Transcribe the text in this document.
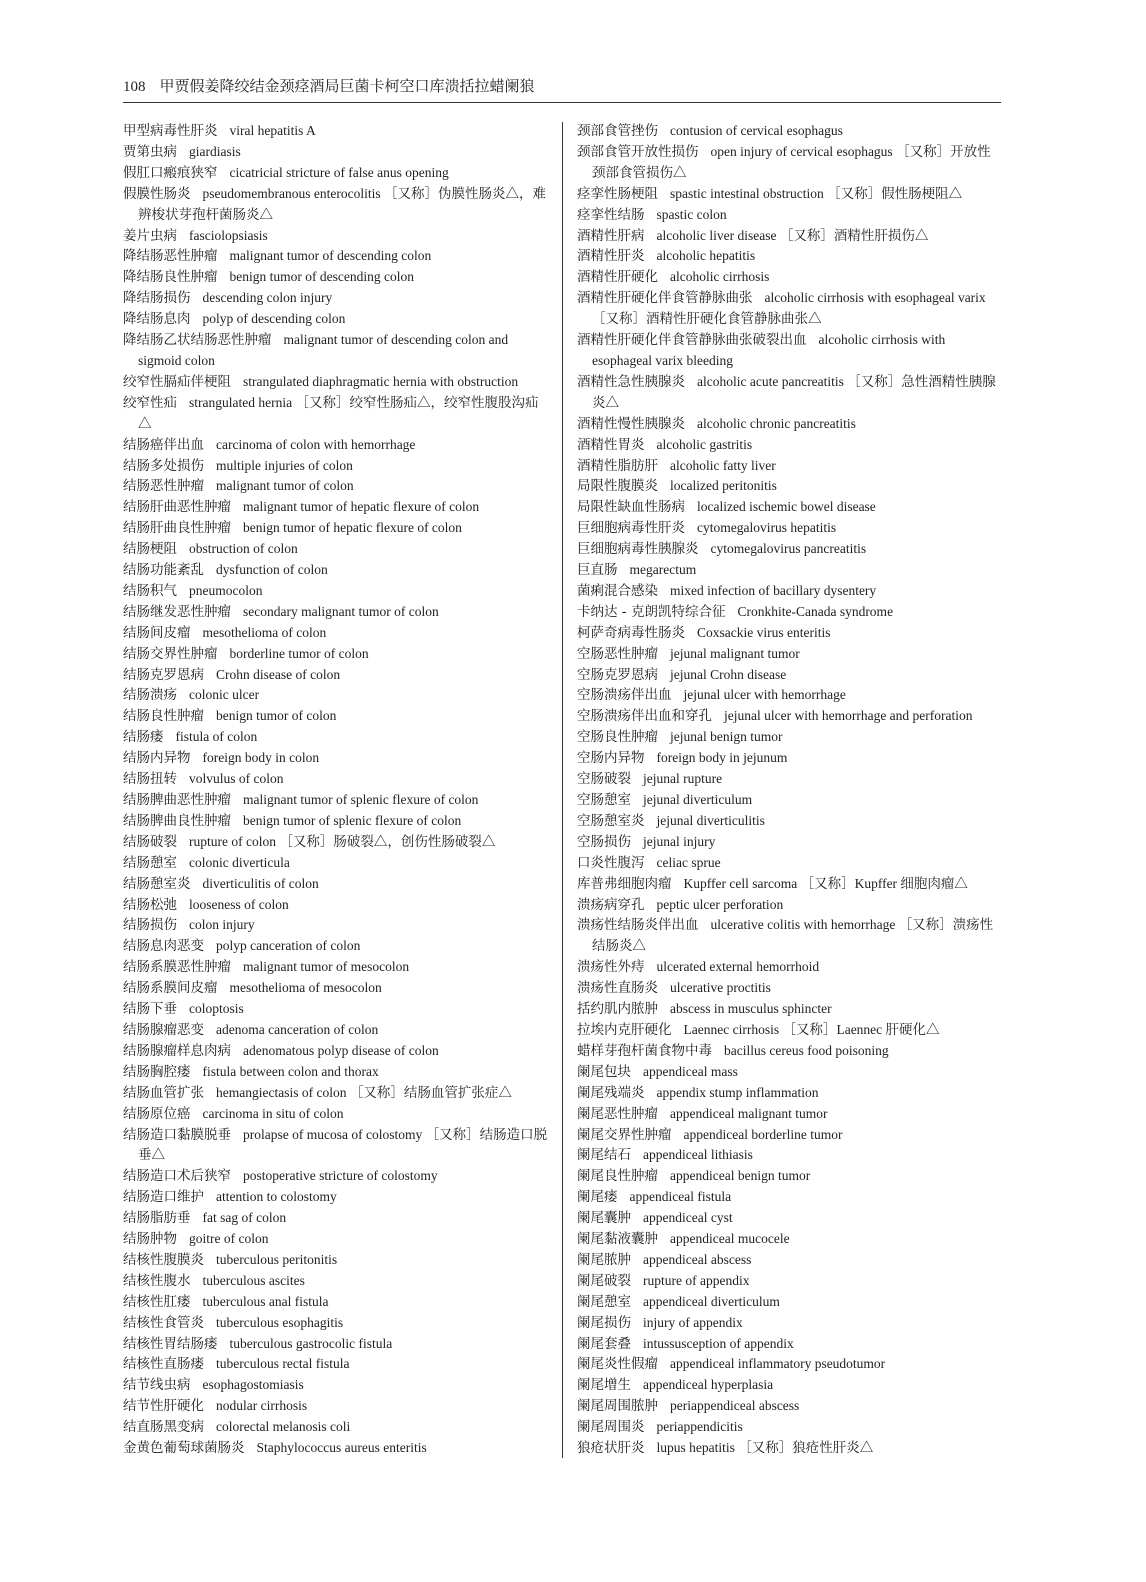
108 甲贾假姜降绞结金颈痉酒局巨菌卡柯空口库溃括拉蜡阑狼
甲型病毒性肝炎 viral hepatitis A
贾第虫病 giardiasis
假肛口瘢痕狭窄 cicatricial stricture of false anus opening
假膜性肠炎 pseudomembranous enterocolitis ［又称］伪膜性肠炎△，难辨梭状芽孢杆菌肠炎△
姜片虫病 fasciolopsiasis
降结肠恶性肿瘤 malignant tumor of descending colon
降结肠良性肿瘤 benign tumor of descending colon
降结肠损伤 descending colon injury
降结肠息肉 polyp of descending colon
降结肠乙状结肠恶性肿瘤 malignant tumor of descending colon and sigmoid colon
绞窄性膈疝伴梗阻 strangulated diaphragmatic hernia with obstruction
绞窄性疝 strangulated hernia ［又称］绞窄性肠疝△，绞窄性腹股沟疝△
结肠癌伴出血 carcinoma of colon with hemorrhage
结肠多处损伤 multiple injuries of colon
结肠恶性肿瘤 malignant tumor of colon
结肠肝曲恶性肿瘤 malignant tumor of hepatic flexure of colon
结肠肝曲良性肿瘤 benign tumor of hepatic flexure of colon
结肠梗阻 obstruction of colon
结肠功能紊乱 dysfunction of colon
结肠积气 pneumocolon
结肠继发恶性肿瘤 secondary malignant tumor of colon
结肠间皮瘤 mesothelioma of colon
结肠交界性肿瘤 borderline tumor of colon
结肠克罗恩病 Crohn disease of colon
结肠溃疡 colonic ulcer
结肠良性肿瘤 benign tumor of colon
结肠瘘 fistula of colon
结肠内异物 foreign body in colon
结肠扭转 volvulus of colon
结肠脾曲恶性肿瘤 malignant tumor of splenic flexure of colon
结肠脾曲良性肿瘤 benign tumor of splenic flexure of colon
结肠破裂 rupture of colon ［又称］肠破裂△，创伤性肠破裂△
结肠憩室 colonic diverticula
结肠憩室炎 diverticulitis of colon
结肠松弛 looseness of colon
结肠损伤 colon injury
结肠息肉恶变 polyp canceration of colon
结肠系膜恶性肿瘤 malignant tumor of mesocolon
结肠系膜间皮瘤 mesothelioma of mesocolon
结肠下垂 coloptosis
结肠腺瘤恶变 adenoma canceration of colon
结肠腺瘤样息肉病 adenomatous polyp disease of colon
结肠胸腔瘘 fistula between colon and thorax
结肠血管扩张 hemangiectasis of colon ［又称］结肠血管扩张症△
结肠原位癌 carcinoma in situ of colon
结肠造口黏膜脱垂 prolapse of mucosa of colostomy ［又称］结肠造口脱垂△
结肠造口术后狭窄 postoperative stricture of colostomy
结肠造口维护 attention to colostomy
结肠脂肪垂 fat sag of colon
结肠肿物 goitre of colon
结核性腹膜炎 tuberculous peritonitis
结核性腹水 tuberculous ascites
结核性肛瘘 tuberculous anal fistula
结核性食管炎 tuberculous esophagitis
结核性胃结肠瘘 tuberculous gastrocolic fistula
结核性直肠瘘 tuberculous rectal fistula
结节线虫病 esophagostomiasis
结节性肝硬化 nodular cirrhosis
结直肠黑变病 colorectal melanosis coli
金黄色葡萄球菌肠炎 Staphylococcus aureus enteritis
颈部食管挫伤 contusion of cervical esophagus
颈部食管开放性损伤 open injury of cervical esophagus ［又称］开放性颈部食管损伤△
痉挛性肠梗阻 spastic intestinal obstruction ［又称］假性肠梗阻△
痉挛性结肠 spastic colon
酒精性肝病 alcoholic liver disease ［又称］酒精性肝损伤△
酒精性肝炎 alcoholic hepatitis
酒精性肝硬化 alcoholic cirrhosis
酒精性肝硬化伴食管静脉曲张 alcoholic cirrhosis with esophageal varix ［又称］酒精性肝硬化食管静脉曲张△
酒精性肝硬化伴食管静脉曲张破裂出血 alcoholic cirrhosis with esophageal varix bleeding
酒精性急性胰腺炎 alcoholic acute pancreatitis ［又称］急性酒精性胰腺炎△
酒精性慢性胰腺炎 alcoholic chronic pancreatitis
酒精性胃炎 alcoholic gastritis
酒精性脂肪肝 alcoholic fatty liver
局限性腹膜炎 localized peritonitis
局限性缺血性肠病 localized ischemic bowel disease
巨细胞病毒性肝炎 cytomegalovirus hepatitis
巨细胞病毒性胰腺炎 cytomegalovirus pancreatitis
巨直肠 megarectum
菌痢混合感染 mixed infection of bacillary dysentery
卡纳达 - 克朗凯特综合征 Cronkhite-Canada syndrome
柯萨奇病毒性肠炎 Coxsackie virus enteritis
空肠恶性肿瘤 jejunal malignant tumor
空肠克罗恩病 jejunal Crohn disease
空肠溃疡伴出血 jejunal ulcer with hemorrhage
空肠溃疡伴出血和穿孔 jejunal ulcer with hemorrhage and perforation
空肠良性肿瘤 jejunal benign tumor
空肠内异物 foreign body in jejunum
空肠破裂 jejunal rupture
空肠憩室 jejunal diverticulum
空肠憩室炎 jejunal diverticulitis
空肠损伤 jejunal injury
口炎性腹泻 celiac sprue
库普弗细胞肉瘤 Kupffer cell sarcoma ［又称］Kupffer 细胞肉瘤△
溃疡病穿孔 peptic ulcer perforation
溃疡性结肠炎伴出血 ulcerative colitis with hemorrhage ［又称］溃疡性结肠炎△
溃疡性外痔 ulcerated external hemorrhoid
溃疡性直肠炎 ulcerative proctitis
括约肌内脓肿 abscess in musculus sphincter
拉埃内克肝硬化 Laennec cirrhosis ［又称］Laennec 肝硬化△
蜡样芽孢杆菌食物中毒 bacillus cereus food poisoning
阑尾包块 appendiceal mass
阑尾残端炎 appendix stump inflammation
阑尾恶性肿瘤 appendiceal malignant tumor
阑尾交界性肿瘤 appendiceal borderline tumor
阑尾结石 appendiceal lithiasis
阑尾良性肿瘤 appendiceal benign tumor
阑尾瘘 appendiceal fistula
阑尾囊肿 appendiceal cyst
阑尾黏液囊肿 appendiceal mucocele
阑尾脓肿 appendiceal abscess
阑尾破裂 rupture of appendix
阑尾憩室 appendiceal diverticulum
阑尾损伤 injury of appendix
阑尾套叠 intussusception of appendix
阑尾炎性假瘤 appendiceal inflammatory pseudotumor
阑尾增生 appendiceal hyperplasia
阑尾周围脓肿 periappendiceal abscess
阑尾周围炎 periappendicitis
狼疮状肝炎 lupus hepatitis ［又称］狼疮性肝炎△
